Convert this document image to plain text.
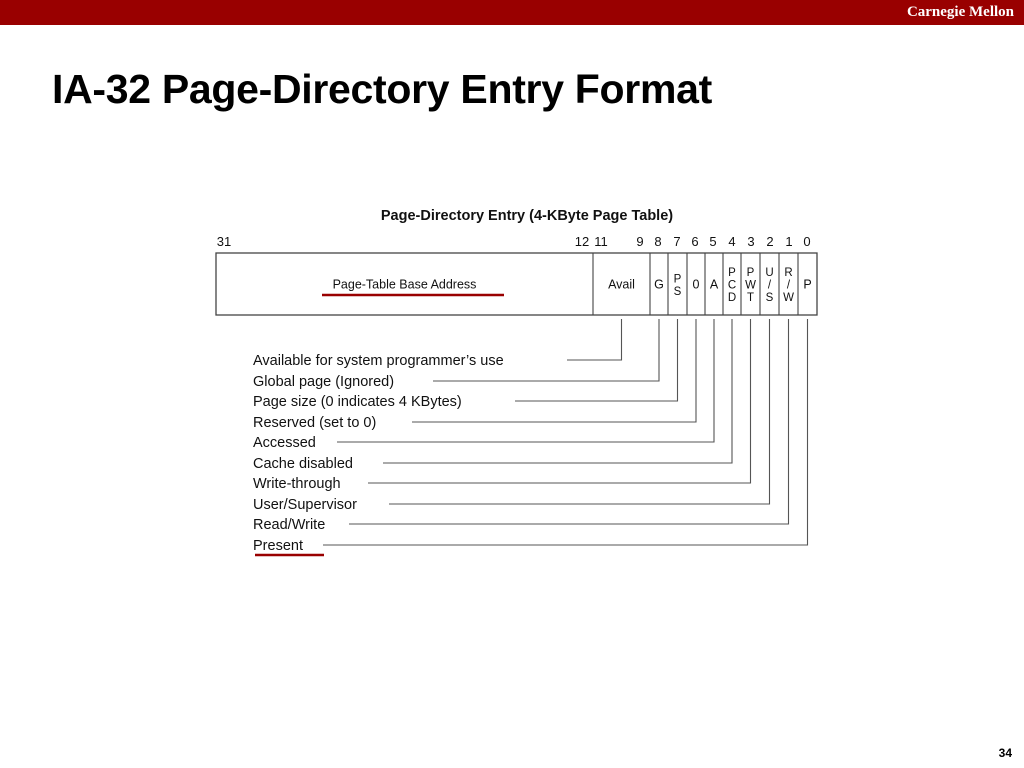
Carnegie Mellon
IA-32 Page-Directory Entry Format
Page-Directory Entry (4-KByte Page Table)
31	12 11 9 8 7 6 5 4 3 2 1 0
Page-Table Base Address	Avail G P
S
0 A
P
C
D
P
W
T
U
/
S
R
/
W
P
Available for system programmer’s use
Global page (Ignored)
Page size (0 indicates 4 KBytes)
Reserved (set to 0)
Accessed
Cache disabled
Write-through
User/Supervisor
Read/Write
Present
34
